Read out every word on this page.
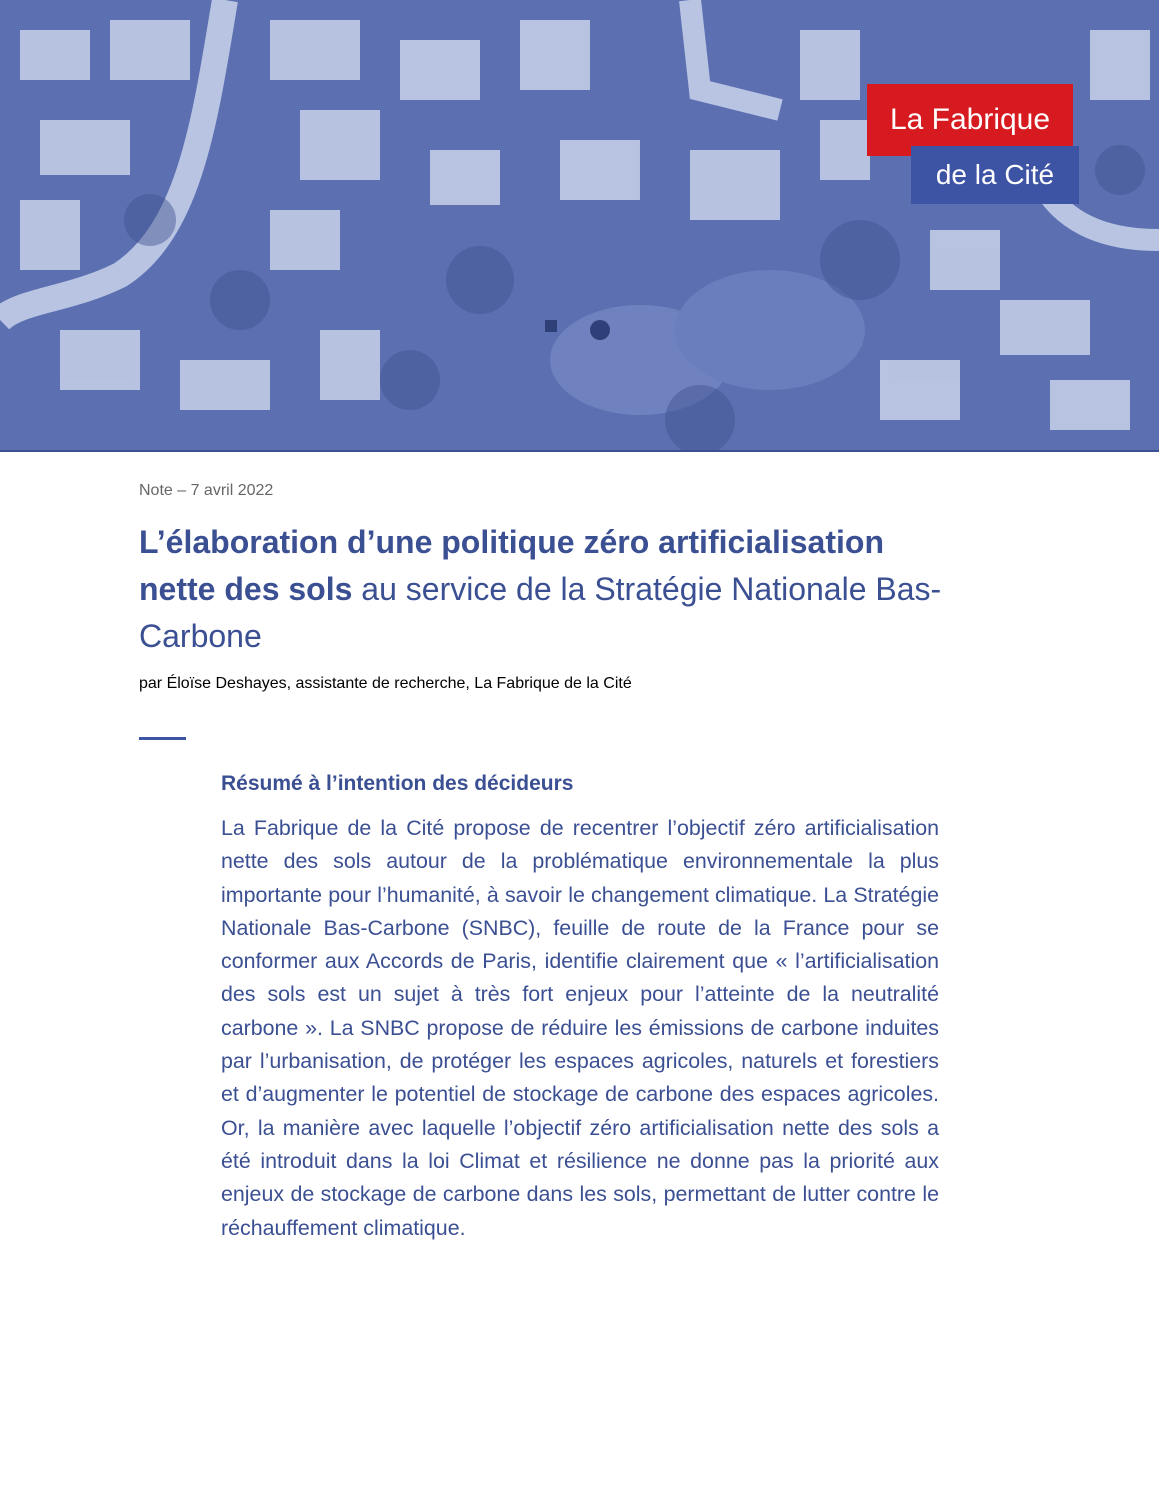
La Fabrique
de la Cité
Note – 7 avril 2022
L’élaboration d’une politique zéro artificialisation nette des sols au service de la Stratégie Nationale Bas-Carbone
par Éloïse Deshayes, assistante de recherche, La Fabrique de la Cité
Résumé à l’intention des décideurs

La Fabrique de la Cité propose de recentrer l’objectif zéro artificialisation nette des sols autour de la problématique environnementale la plus importante pour l’humanité, à savoir le changement climatique. La Stratégie Nationale Bas-Carbone (SNBC), feuille de route de la France pour se conformer aux Accords de Paris, identifie clairement que « l’artificialisation des sols est un sujet à très fort enjeux pour l’atteinte de la neutralité carbone ». La SNBC propose de réduire les émissions de carbone induites par l’urbanisation, de protéger les espaces agricoles, naturels et forestiers et d’augmenter le potentiel de stockage de carbone des espaces agricoles. Or, la manière avec laquelle l’objectif zéro artificialisation nette des sols a été introduit dans la loi Climat et résilience ne donne pas la priorité aux enjeux de stockage de carbone dans les sols, permettant de lutter contre le réchauffement climatique.
